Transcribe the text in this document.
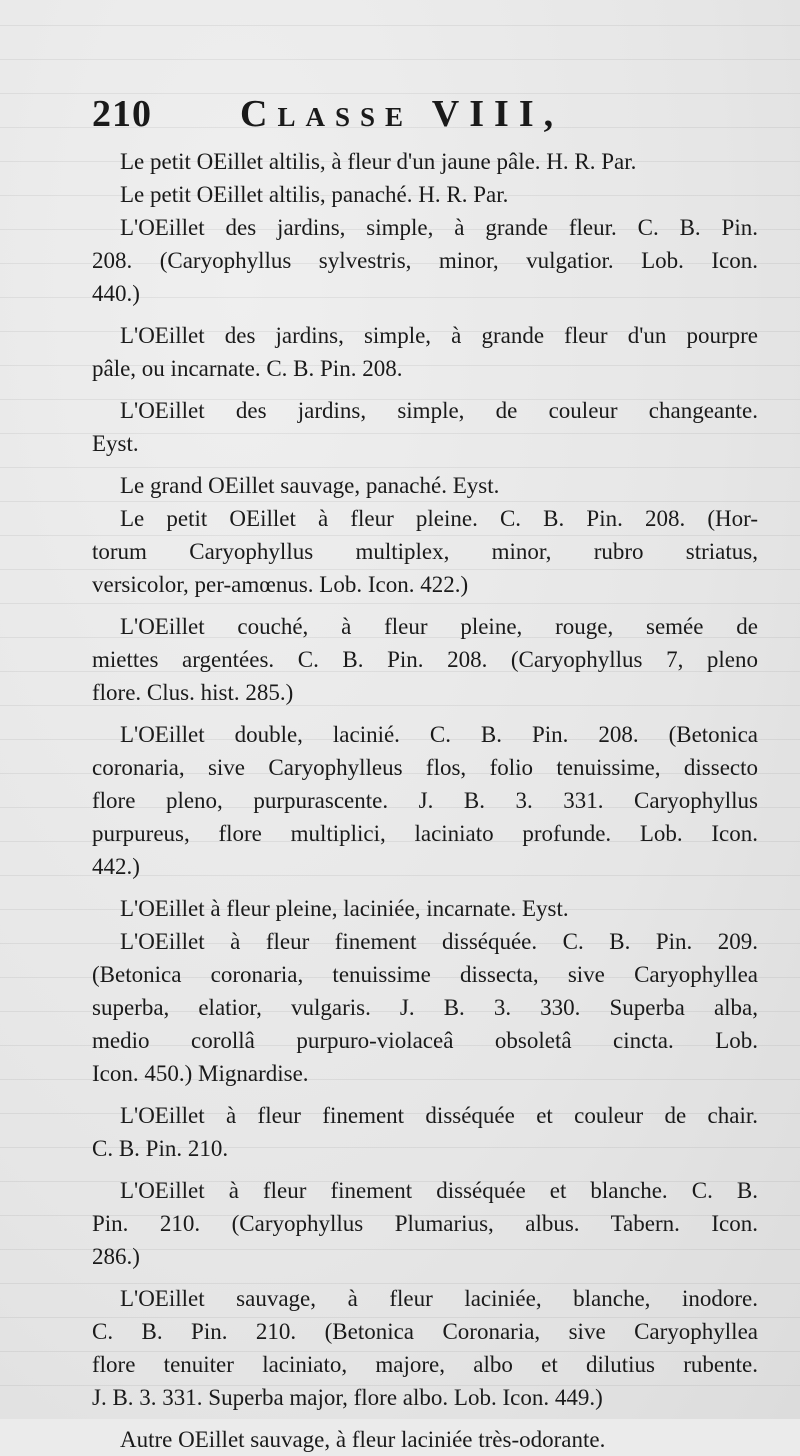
210 Classe VIII,
Le petit OEillet altilis, à fleur d'un jaune pâle. H. R. Par.
Le petit OEillet altilis, panaché. H. R. Par.
L'OEillet des jardins, simple, à grande fleur. C. B. Pin.
208. (Caryophyllus sylvestris, minor, vulgatior. Lob. Icon.
440.)
L'OEillet des jardins, simple, à grande fleur d'un pourpre
pâle, ou incarnate. C. B. Pin. 208.
L'OEillet des jardins, simple, de couleur changeante.
Eyst.
Le grand OEillet sauvage, panaché. Eyst.
Le petit OEillet à fleur pleine. C. B. Pin. 208. (Hor-
torum Caryophyllus multiplex, minor, rubro striatus,
versicolor, per-amœnus. Lob. Icon. 422.)
L'OEillet couché, à fleur pleine, rouge, semée de
miettes argentées. C. B. Pin. 208. (Caryophyllus 7, pleno
flore. Clus. hist. 285.)
L'OEillet double, lacinié. C. B. Pin. 208. (Betonica
coronaria, sive Caryophylleus flos, folio tenuissime, dissecto
flore pleno, purpurascente. J. B. 3. 331. Caryophyllus
purpureus, flore multiplici, laciniato profunde. Lob. Icon.
442.)
L'OEillet à fleur pleine, laciniée, incarnate. Eyst.
L'OEillet à fleur finement disséquée. C. B. Pin. 209.
(Betonica coronaria, tenuissime dissecta, sive Caryophyllea
superba, elatior, vulgaris. J. B. 3. 330. Superba alba,
medio corollâ purpuro-violaceâ obsoletâ cincta. Lob.
Icon. 450.) Mignardise.
L'OEillet à fleur finement disséquée et couleur de chair.
C. B. Pin. 210.
L'OEillet à fleur finement disséquée et blanche. C. B.
Pin. 210. (Caryophyllus Plumarius, albus. Tabern. Icon.
286.)
L'OEillet sauvage, à fleur laciniée, blanche, inodore.
C. B. Pin. 210. (Betonica Coronaria, sive Caryophyllea
flore tenuiter laciniato, majore, albo et dilutius rubente.
J. B. 3. 331. Superba major, flore albo. Lob. Icon. 449.)
Autre OEillet sauvage, à fleur laciniée très-odorante.
